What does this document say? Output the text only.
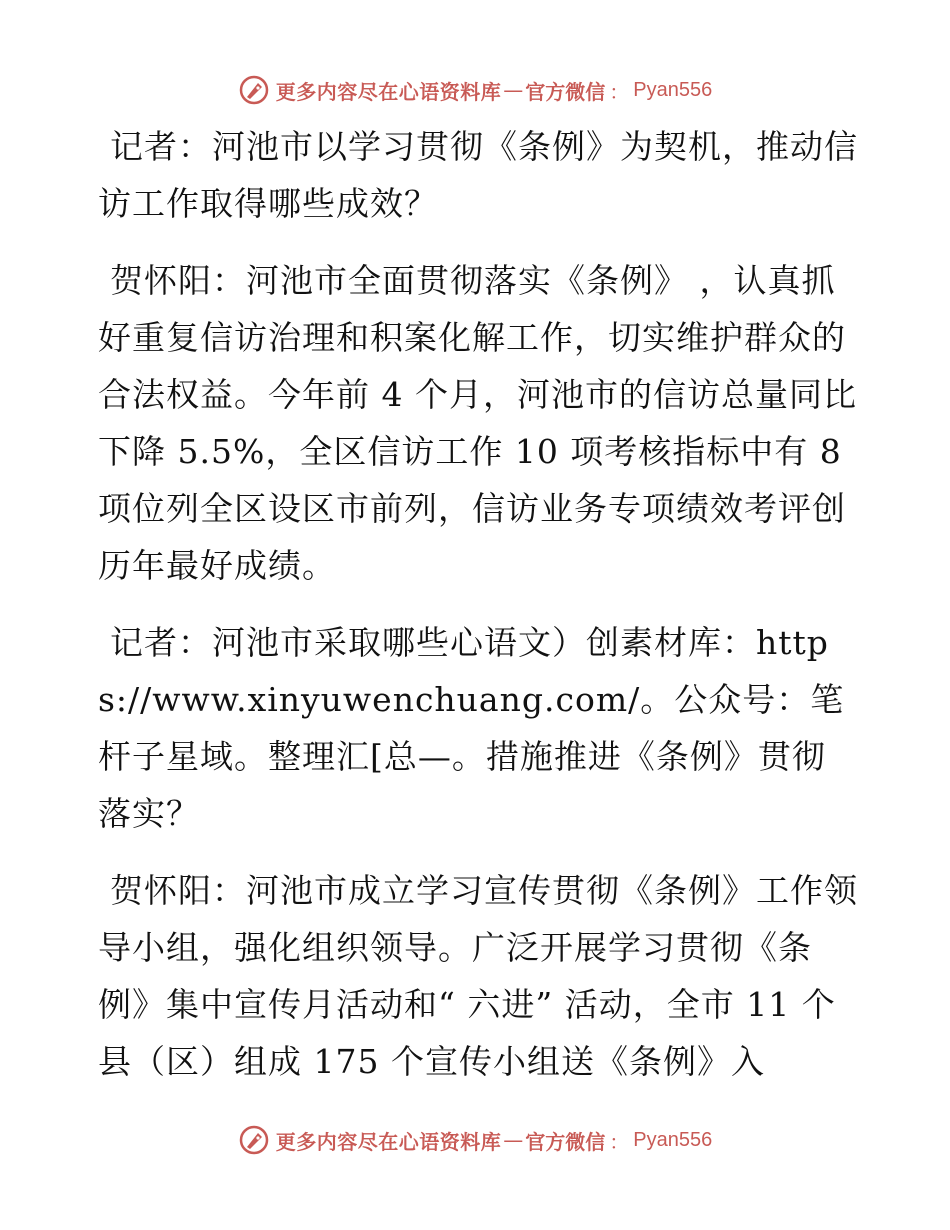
更多内容尽在心语资料库 — 官方微信 ： Pyan556

记者：河池市以学习贯彻《条例》为契机，推动信访工作取得哪些成效？

贺怀阳：河池市全面贯彻落实《条例》 ，认真抓好重复信访治理和积案化解工作，切实维护群众的合法权益。今年前 4 个月，河池市的信访总量同比下降 5.5%，全区信访工作 10 项考核指标中有 8 项位列全区设区市前列，信访业务专项绩效考评创历年最好成绩。

记者：河池市采取哪些心语文）创素材库：https://www.xinyuwenchuang.com/。公众号：笔杆子星域。整理汇[总—。措施推进《条例》贯彻落实？

贺怀阳：河池市成立学习宣传贯彻《条例》工作领导小组，强化组织领导。广泛开展学习贯彻《条例》集中宣传月活动和“ 六进” 活动，全市 11 个县（区）组成 175 个宣传小组送《条例》入

更多内容尽在心语资料库 — 官方微信 ： Pyan556
